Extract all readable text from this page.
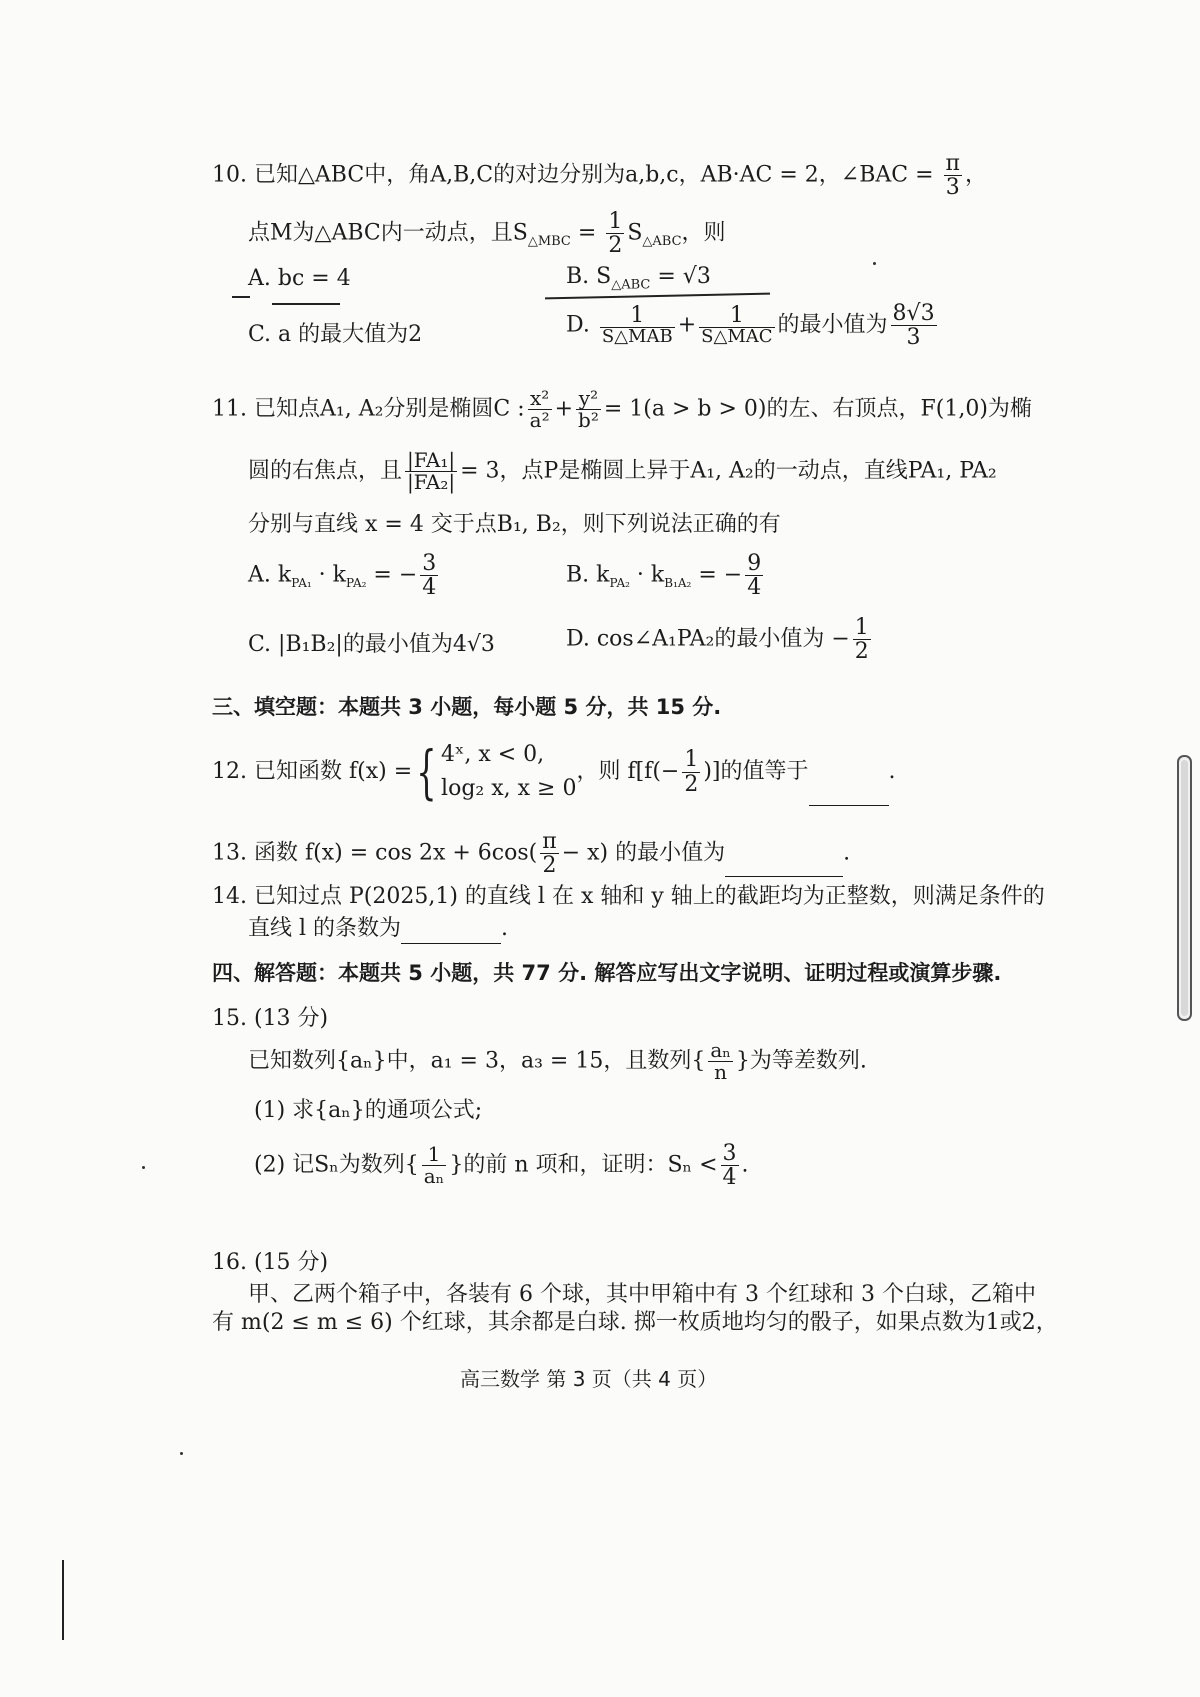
10. 已知△ABC中，角A,B,C的对边分别为a,b,c，AB·AC = 2，∠BAC = $\frac{\pi}{3}$ ，
点M为△ABC内一动点，且$S_{\triangle MBC} = \frac{1}{2} S_{\triangle ABC}$，则
A. bc = 4	B. $S_{\triangle ABC} = √3$
C. a 的最大值为2	D. $\frac{1}{\text{S△MAB}} + \frac{1}{\text{S△MAC}}$ 的最小值为 $\frac{8√3}{3}$
11. 已知点A₁, A₂分别是椭圆C : $\frac{\text{x²}}{\text{a²}} + \frac{\text{y²}}{\text{b²}} = 1(a > b > 0)$的左、右顶点，F(1,0)为椭
圆的右焦点，且 $\frac{\text{|FA₁|}}{\text{|FA₂|}} = 3$，点P是椭圆上异于A₁, A₂的一动点，直线PA₁, PA₂
分别与直线 x = 4 交于点B₁, B₂，则下列说法正确的有
A. $k_{PA_1} \cdot k_{PA_2}$ = − $\frac{3}{4}$	B. $k_{PA_2} \cdot k_{B_1A_2}$ = − $\frac{9}{4}$
C. |B₁B₂|的最小值为4√3	D. cos∠A₁PA₂的最小值为 − $\frac{1}{2}$
三、填空题：本题共 3 小题，每小题 5 分，共 15 分.
12. 已知函数 f(x) ={ 4ˣ, x < 0,
log₂ x, x ≥ 0
，则 $f[f(- \frac{1}{2}$ )]的值等于	.
13. 函数 $f(x) = \cos 2x + 6\cos( \frac{\pi}{2} - x)$ 的最小值为	.
14. 已知过点 P(2025,1) 的直线 l 在 x 轴和 y 轴上的截距均为正整数，则满足条件的
直线 l 的条数为	.
四、解答题：本题共 5 小题，共 77 分. 解答应写出文字说明、证明过程或演算步骤.
15. (13 分)
已知数列{aₙ}中，a₁ = 3，a₃ = 15，且数列{ $\frac{\text{aₙ}}{n}$ }为等差数列.
(1) 求{aₙ}的通项公式;
(2) 记Sₙ为数列{ $\frac{1}{\text{aₙ}}$ }的前 n 项和，证明：$S_n < \frac{3}{4}$ .
16. (15 分)
甲、乙两个箱子中，各装有 6 个球，其中甲箱中有 3 个红球和 3 个白球，乙箱中
有 m(2 ≤ m ≤ 6) 个红球，其余都是白球. 掷一枚质地均匀的骰子，如果点数为1或2，
高三数学 第 3 页（共 4 页）
